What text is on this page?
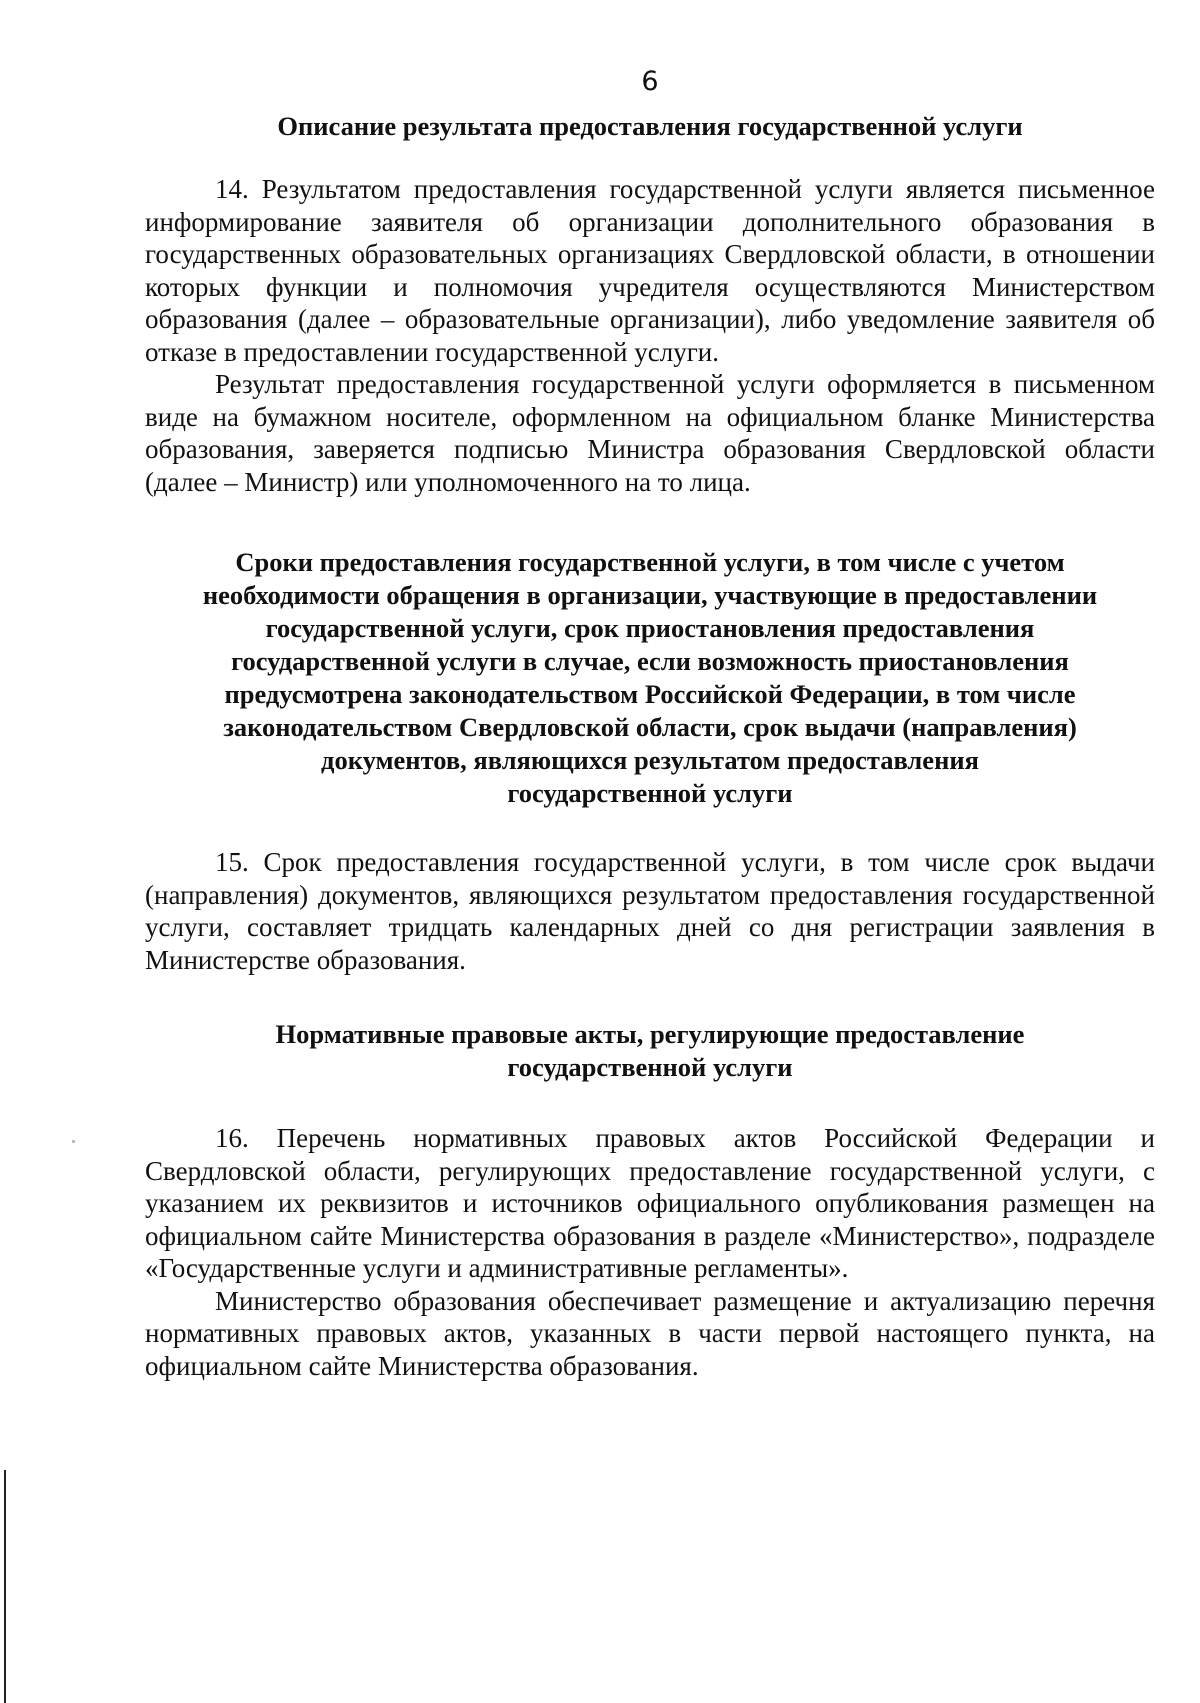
6
Описание результата предоставления государственной услуги

14. Результатом предоставления государственной услуги является письменное информирование заявителя об организации дополнительного образования в государственных образовательных организациях Свердловской области, в отношении которых функции и полномочия учредителя осуществляются Министерством образования (далее – образовательные организации), либо уведомление заявителя об отказе в предоставлении государственной услуги.

Результат предоставления государственной услуги оформляется в письменном виде на бумажном носителе, оформленном на официальном бланке Министерства образования, заверяется подписью Министра образования Свердловской области (далее – Министр) или уполномоченного на то лица.

Сроки предоставления государственной услуги, в том числе с учетом
необходимости обращения в организации, участвующие в предоставлении
государственной услуги, срок приостановления предоставления
государственной услуги в случае, если возможность приостановления
предусмотрена законодательством Российской Федерации, в том числе
законодательством Свердловской области, срок выдачи (направления)
документов, являющихся результатом предоставления
государственной услуги

15. Срок предоставления государственной услуги, в том числе срок выдачи (направления) документов, являющихся результатом предоставления государственной услуги, составляет тридцать календарных дней со дня регистрации заявления в Министерстве образования.

Нормативные правовые акты, регулирующие предоставление
государственной услуги

16. Перечень нормативных правовых актов Российской Федерации и Свердловской области, регулирующих предоставление государственной услуги, с указанием их реквизитов и источников официального опубликования размещен на официальном сайте Министерства образования в разделе «Министерство», подразделе «Государственные услуги и административные регламенты».

Министерство образования обеспечивает размещение и актуализацию перечня нормативных правовых актов, указанных в части первой настоящего пункта, на официальном сайте Министерства образования.
